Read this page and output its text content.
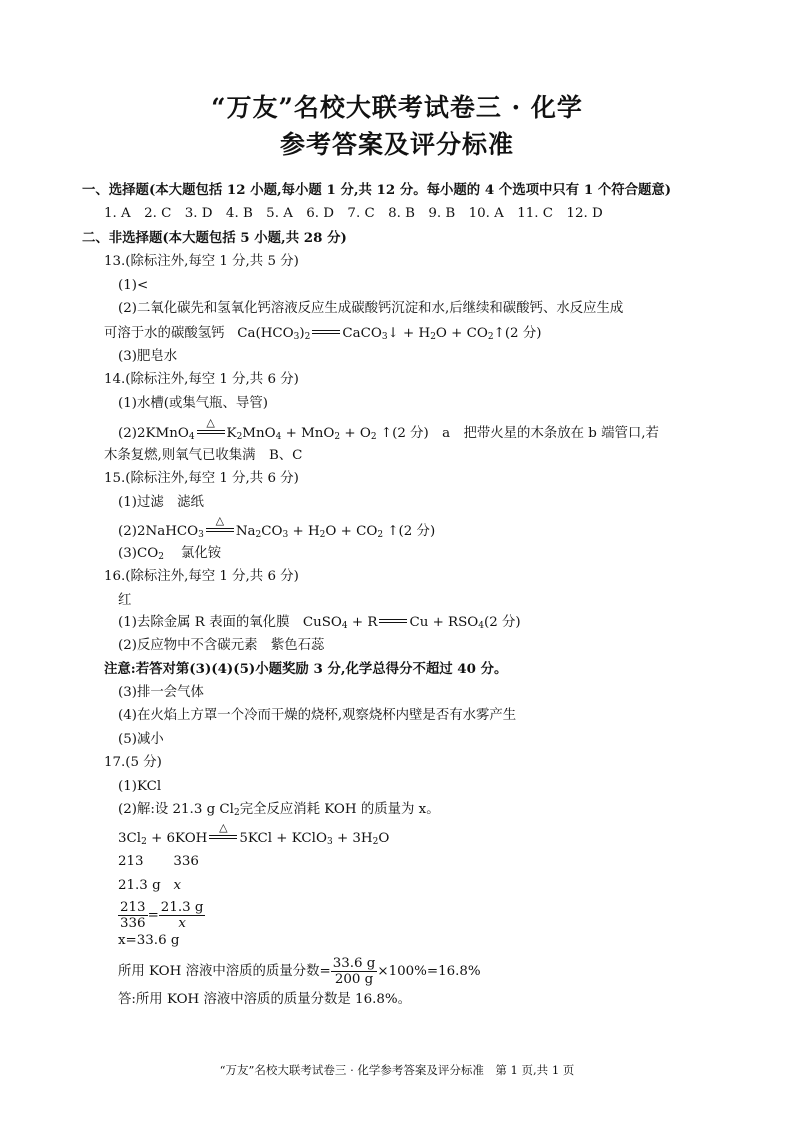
“万友”名校大联考试卷三 · 化学
参考答案及评分标准
一、选择题(本大题包括 12 小题,每小题 1 分,共 12 分。每小题的 4 个选项中只有 1 个符合题意)
1. A　2. C　3. D　4. B　5. A　6. D　7. C　8. B　9. B　10. A　11. C　12. D
二、非选择题(本大题包括 5 小题,共 28 分)
13.(除标注外,每空 1 分,共 5 分)
(1)<
(2)二氧化碳先和氢氧化钙溶液反应生成碳酸钙沉淀和水,后继续和碳酸钙、水反应生成
可溶于水的碳酸氢钙 $Ca(HCO_3)_2$ CaCO$_3$↓ + $H_2O$ + $CO_2↑(2$ 分)
(3)肥皂水
14.(除标注外,每空 1 分,共 6 分)
(1)水槽(或集气瓶、导管)
(2)2KMnO$_4$
△
$K_2MnO_4 + MnO_2 + O_2$ ↑(2 分)　a　把带火星的木条放在 b 端管口,若
木条复燃,则氧气已收集满　B、C
15.(除标注外,每空 1 分,共 6 分)
(1)过滤　滤纸
(2)2NaHCO$_3$
△
$Na_2CO_3 + H_2O + CO_2$ ↑(2 分)
$(3)CO_2$ 氯化铵
16.(除标注外,每空 1 分,共 6 分)
红
(1)去除金属 R 表面的氧化膜　CuSO$_4$ + R $Cu + RSO_4(2$ 分)
(2)反应物中不含碳元素　紫色石蕊
注意:若答对第(3)(4)(5)小题奖励 3 分,化学总得分不超过 40 分。
(3)排一会气体
(4)在火焰上方罩一个冷而干燥的烧杯,观察烧杯内壁是否有水雾产生
(5)减小
17.(5 分)
(1)KCl
(2)解:设 21.3 g $Cl_2$完全反应消耗 KOH 的质量为 x。
$3Cl_2 + 6KOH$
△
5KCl + KClO$_3$ + $3H_2O$
213 336
21.3 g x
$\frac{213}{336} = \frac{21.3 g}{x}$
x=33.6 g
所用 KOH 溶液中溶质的质量分数= $\frac{33.6 g}{200 g} \times 100\%=16.8\%$
答:所用 KOH 溶液中溶质的质量分数是 16.8%。
“万友”名校大联考试卷三 · 化学参考答案及评分标准　第 1 页,共 1 页
